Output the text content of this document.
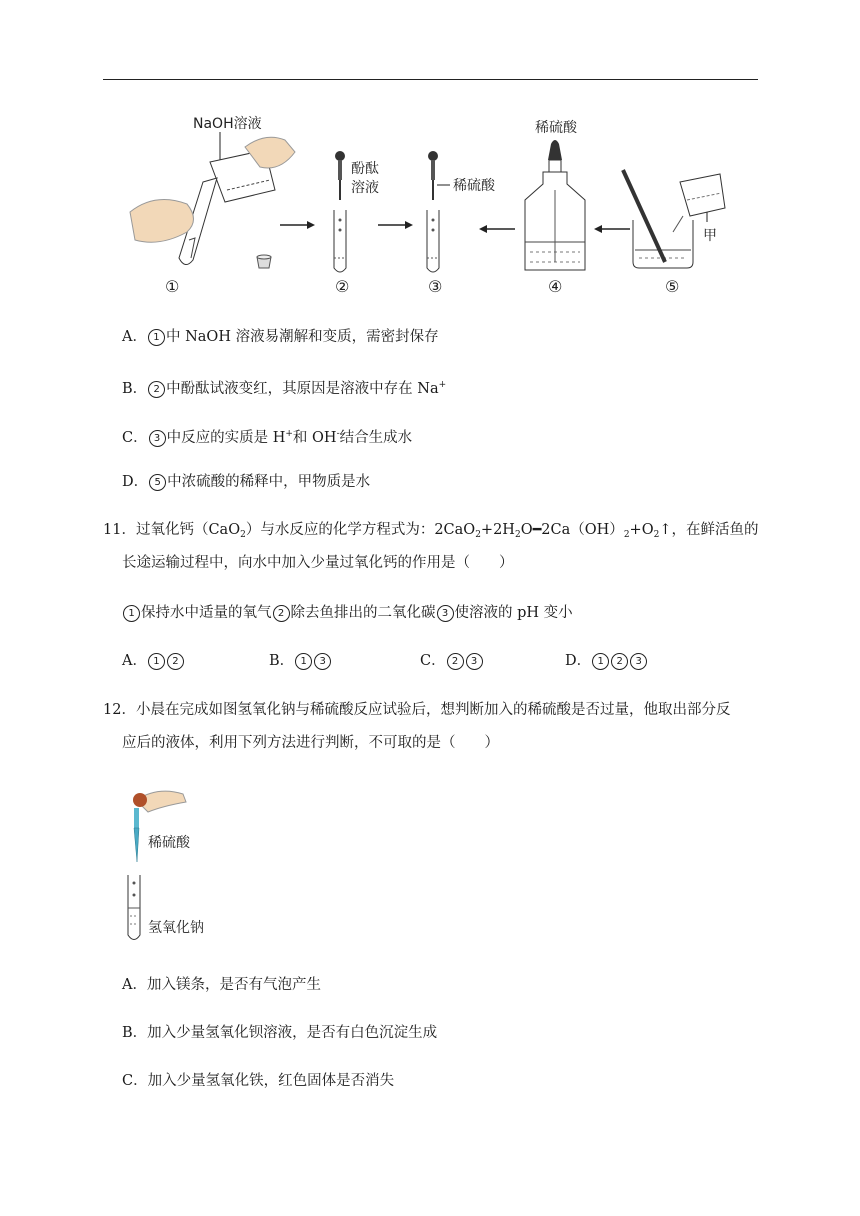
NaOH溶液
酚酞
溶液	稀硫酸
稀硫酸
甲
①	②	③	④	⑤
A． 1 中 NaOH 溶液易潮解和变质，需密封保存
B． 2 中酚酞试液变红，其原因是溶液中存在 Na+
C． 3 中反应的实质是 H+和 OH-结合生成水
D． 5 中浓硫酸的稀释中，甲物质是水
11．过氧化钙（CaO$_2$）与水反应的化学方程式为：$2CaO_2+2H_2O━2Ca(OH)_2+O_2↑$，在鲜活鱼的
长途运输过程中，向水中加入少量过氧化钙的作用是（　　）
1 保持水中适量的氧气 2 除去鱼排出的二氧化碳 3 使溶液的 pH 变小
A． 1 2	B． 1 3	C． 2 3	D． 1 2 3
12．小晨在完成如图氢氧化钠与稀硫酸反应试验后，想判断加入的稀硫酸是否过量，他取出部分反
应后的液体，利用下列方法进行判断，不可取的是（　　）
稀硫酸
氢氧化钠
A．加入镁条，是否有气泡产生
B．加入少量氢氧化钡溶液，是否有白色沉淀生成
C．加入少量氢氧化铁，红色固体是否消失
